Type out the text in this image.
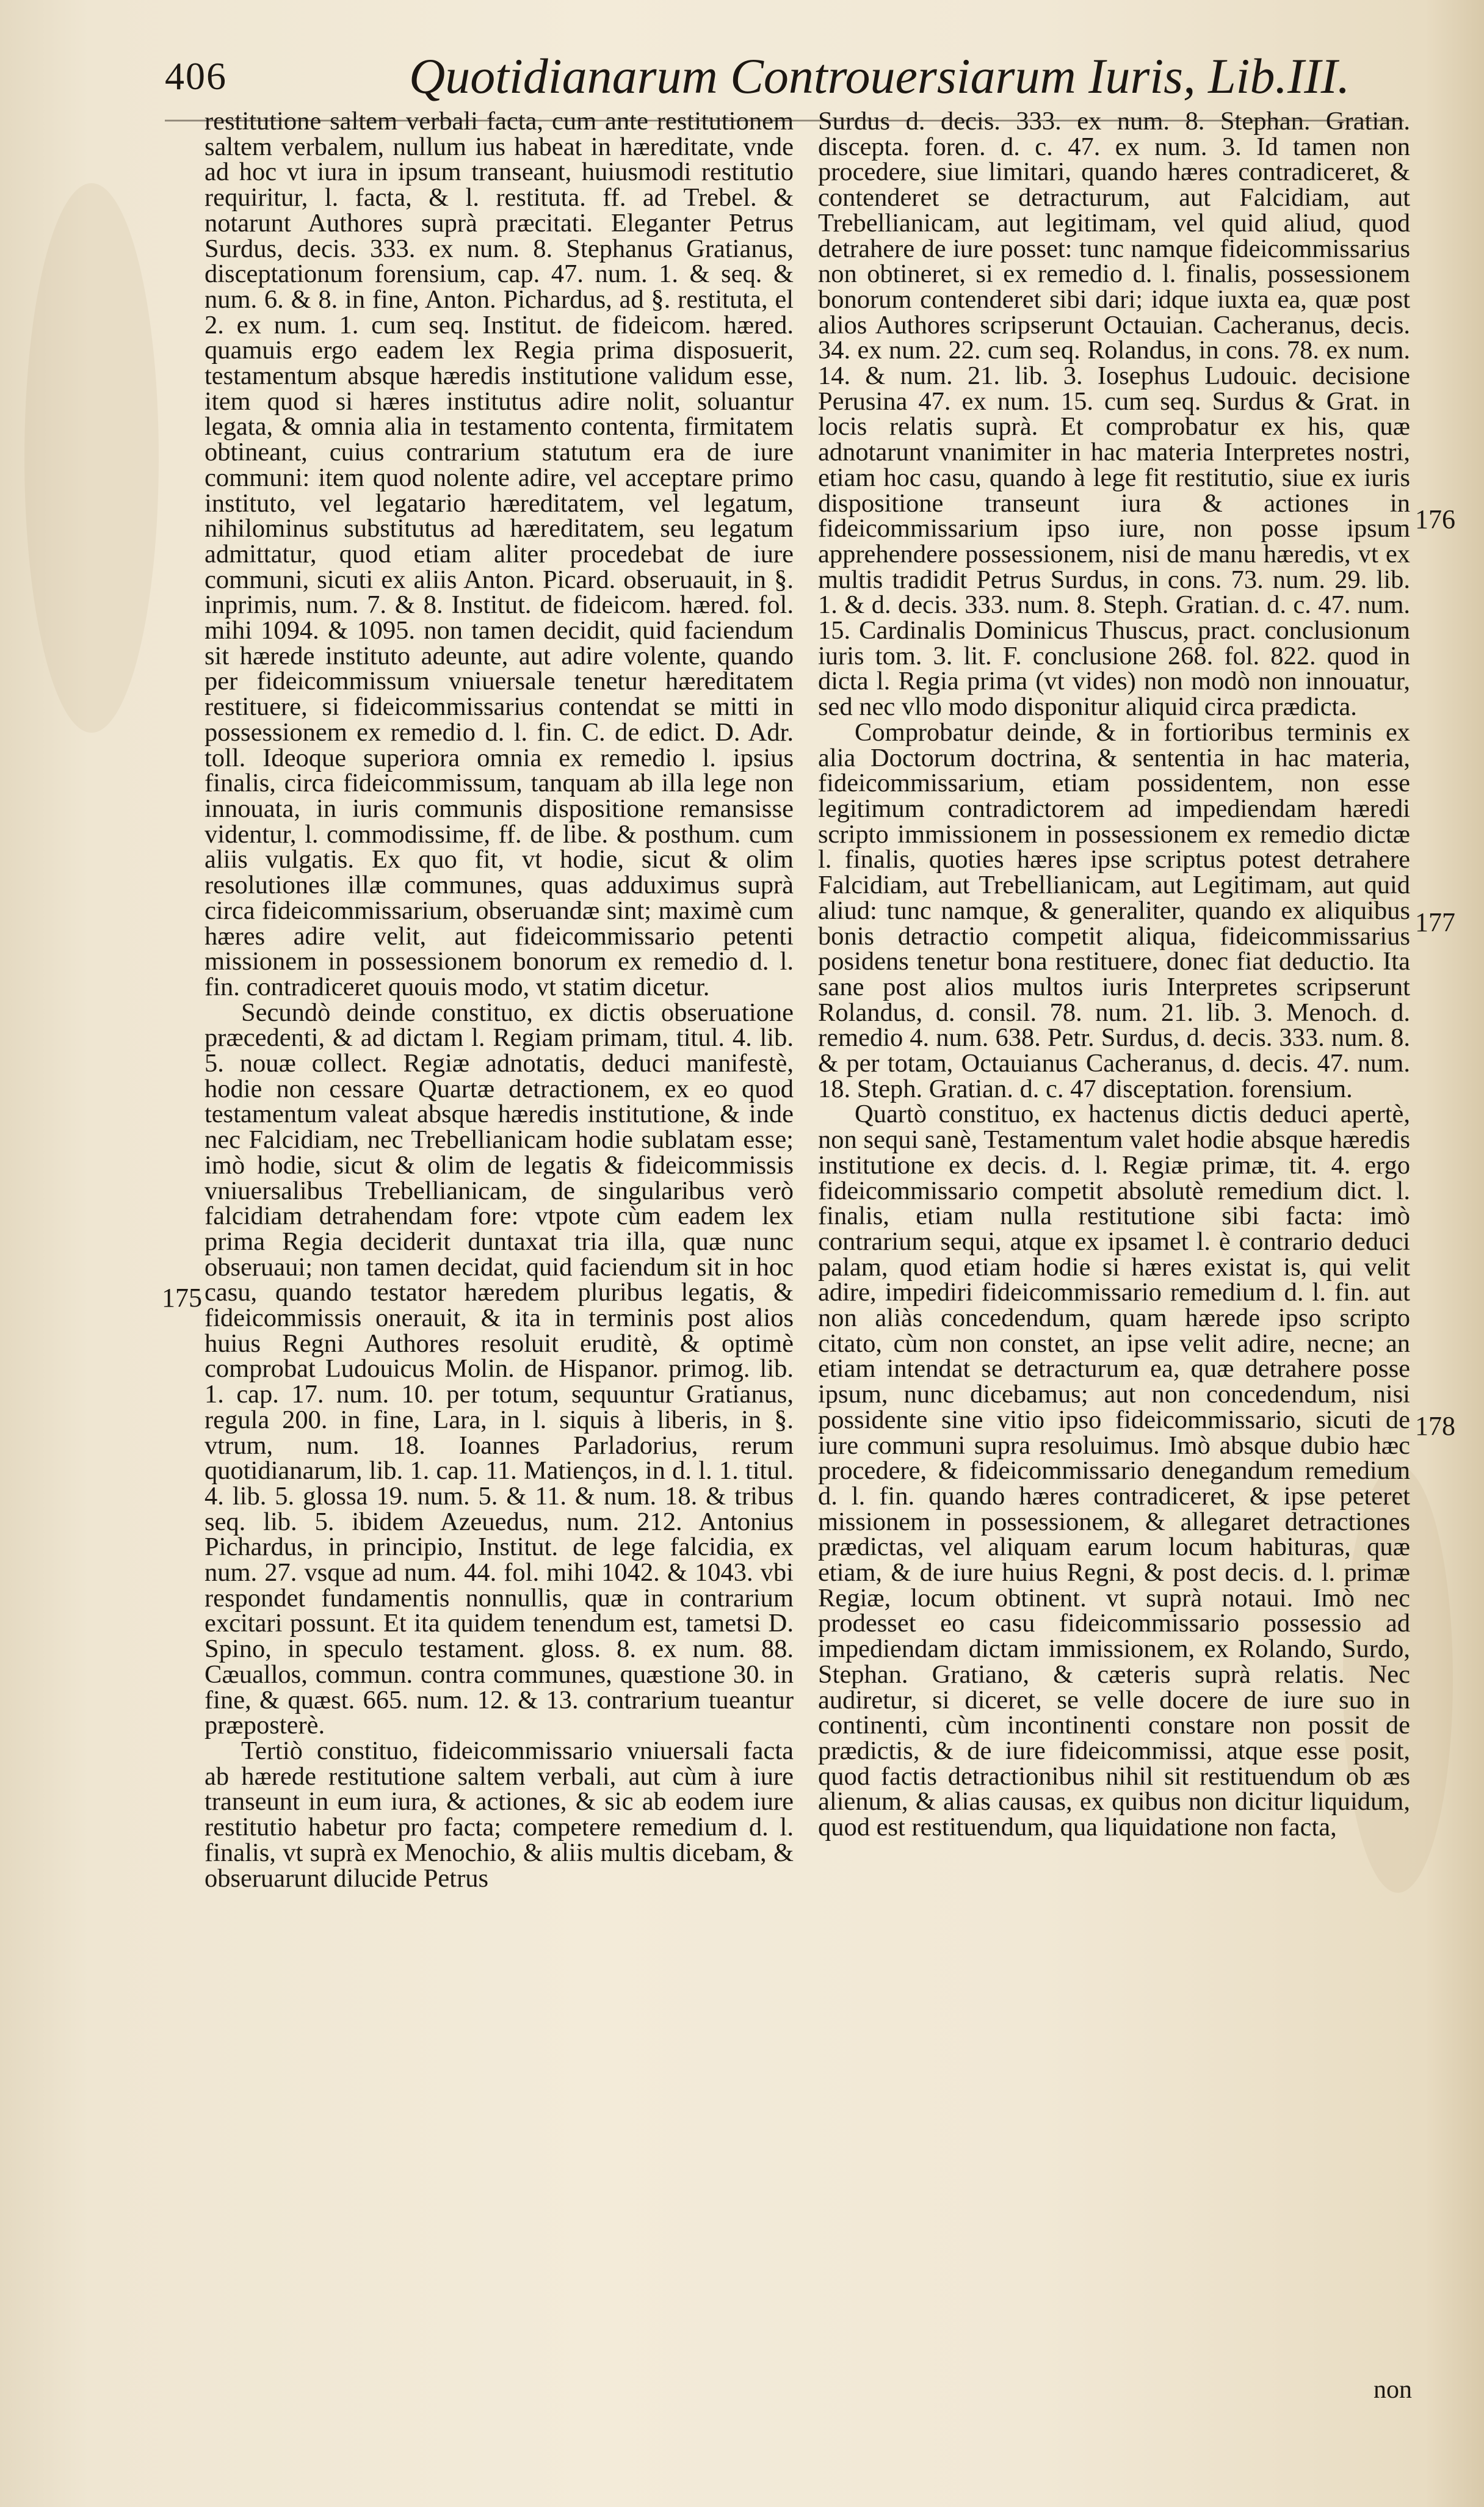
406	Quotidianarum Controuersiarum Iuris, Lib.III.

restitutione saltem verbali facta, cum ante restitutionem saltem verbalem, nullum ius habeat in hæreditate, vnde ad hoc vt iura in ipsum transeant, huiusmodi restitutio requiritur, l. facta, & l. restituta. ff. ad Trebel. & notarunt Authores suprà præcitati. Eleganter Petrus Surdus, decis. 333. ex num. 8. Stephanus Gratianus, disceptationum forensium, cap. 47. num. 1. & seq. & num. 6. & 8. in fine, Anton. Pichardus, ad §. restituta, el 2. ex num. 1. cum seq. Institut. de fideicom. hæred. quamuis ergo eadem lex Regia prima disposuerit, testamentum absque hæredis institutione validum esse, item quod si hæres institutus adire nolit, soluantur legata, & omnia alia in testamento contenta, firmitatem obtineant, cuius contrarium statutum era de iure communi: item quod nolente adire, vel acceptare primo instituto, vel legatario hæreditatem, vel legatum, nihilominus substitutus ad hæreditatem, seu legatum admittatur, quod etiam aliter procedebat de iure communi, sicuti ex aliis Anton. Picard. obseruauit, in §. inprimis, num. 7. & 8. Institut. de fideicom. hæred. fol. mihi 1094. & 1095. non tamen decidit, quid faciendum sit hærede instituto adeunte, aut adire volente, quando per fideicommissum vniuersale tenetur hæreditatem restituere, si fideicommissarius contendat se mitti in possessionem ex remedio d. l. fin. C. de edict. D. Adr. toll. Ideoque superiora omnia ex remedio l. ipsius finalis, circa fideicommissum, tanquam ab illa lege non innouata, in iuris communis dispositione remansisse videntur, l. commodissime, ff. de libe. & posthum. cum aliis vulgatis. Ex quo fit, vt hodie, sicut & olim resolutiones illæ communes, quas adduximus suprà circa fideicommissarium, obseruandæ sint; maximè cum hæres adire velit, aut fideicommissario petenti missionem in possessionem bonorum ex remedio d. l. fin. contradiceret quouis modo, vt statim dicetur.

Secundò deinde constituo, ex dictis obseruatione præcedenti, & ad dictam l. Regiam primam, titul. 4. lib. 5. nouæ collect. Regiæ adnotatis, deduci manifestè, hodie non cessare Quartæ detractionem, ex eo quod testamentum valeat absque hæredis institutione, & inde nec Falcidiam, nec Trebellianicam hodie sublatam esse; imò hodie, sicut & olim de legatis & fideicommissis vniuersalibus Trebellianicam, de singularibus verò falcidiam detrahendam fore: vtpote cùm eadem lex prima Regia deciderit duntaxat tria illa, quæ nunc obseruaui; non tamen decidat, quid faciendum sit in hoc casu, quando testator hæredem pluribus legatis, & fideicommissis onerauit, & ita in terminis post alios huius Regni Authores resoluit eruditè, & optimè comprobat Ludouicus Molin. de Hispanor. primog. lib. 1. cap. 17. num. 10. per totum, sequuntur Gratianus, regula 200. in fine, Lara, in l. siquis à liberis, in §. vtrum, num. 18. Ioannes Parladorius, rerum quotidianarum, lib. 1. cap. 11. Matienços, in d. l. 1. titul. 4. lib. 5. glossa 19. num. 5. & 11. & num. 18. & tribus seq. lib. 5. ibidem Azeuedus, num. 212. Antonius Pichardus, in principio, Institut. de lege falcidia, ex num. 27. vsque ad num. 44. fol. mihi 1042. & 1043. vbi respondet fundamentis nonnullis, quæ in contrarium excitari possunt. Et ita quidem tenendum est, tametsi D. Spino, in speculo testament. gloss. 8. ex num. 88. Cæuallos, commun. contra communes, quæstione 30. in fine, & quæst. 665. num. 12. & 13. contrarium tueantur præposterè.

Tertiò constituo, fideicommissario vniuersali facta ab hærede restitutione saltem verbali, aut cùm à iure transeunt in eum iura, & actiones, & sic ab eodem iure restitutio habetur pro facta; competere remedium d. l. finalis, vt suprà ex Menochio, & aliis multis dicebam, & obseruarunt dilucide Petrus

Surdus d. decis. 333. ex num. 8. Stephan. Gratian. discepta. foren. d. c. 47. ex num. 3. Id tamen non procedere, siue limitari, quando hæres contradiceret, & contenderet se detracturum, aut Falcidiam, aut Trebellianicam, aut legitimam, vel quid aliud, quod detrahere de iure posset: tunc namque fideicommissarius non obtineret, si ex remedio d. l. finalis, possessionem bonorum contenderet sibi dari; idque iuxta ea, quæ post alios Authores scripserunt Octauian. Cacheranus, decis. 34. ex num. 22. cum seq. Rolandus, in cons. 78. ex num. 14. & num. 21. lib. 3. Iosephus Ludouic. decisione Perusina 47. ex num. 15. cum seq. Surdus & Grat. in locis relatis suprà. Et comprobatur ex his, quæ adnotarunt vnanimiter in hac materia Interpretes nostri, etiam hoc casu, quando à lege fit restitutio, siue ex iuris dispositione transeunt iura & actiones in fideicommissarium ipso iure, non posse ipsum apprehendere possessionem, nisi de manu hæredis, vt ex multis tradidit Petrus Surdus, in cons. 73. num. 29. lib. 1. & d. decis. 333. num. 8. Steph. Gratian. d. c. 47. num. 15. Cardinalis Dominicus Thuscus, pract. conclusionum iuris tom. 3. lit. F. conclusione 268. fol. 822. quod in dicta l. Regia prima (vt vides) non modò non innouatur, sed nec vllo modo disponitur aliquid circa prædicta.

Comprobatur deinde, & in fortioribus terminis ex alia Doctorum doctrina, & sententia in hac materia, fideicommissarium, etiam possidentem, non esse legitimum contradictorem ad impediendam hæredi scripto immissionem in possessionem ex remedio dictæ l. finalis, quoties hæres ipse scriptus potest detrahere Falcidiam, aut Trebellianicam, aut Legitimam, aut quid aliud: tunc namque, & generaliter, quando ex aliquibus bonis detractio competit aliqua, fideicommissarius posidens tenetur bona restituere, donec fiat deductio. Ita sane post alios multos iuris Interpretes scripserunt Rolandus, d. consil. 78. num. 21. lib. 3. Menoch. d. remedio 4. num. 638. Petr. Surdus, d. decis. 333. num. 8. & per totam, Octauianus Cacheranus, d. decis. 47. num. 18. Steph. Gratian. d. c. 47 disceptation. forensium.

Quartò constituo, ex hactenus dictis deduci apertè, non sequi sanè, Testamentum valet hodie absque hæredis institutione ex decis. d. l. Regiæ primæ, tit. 4. ergo fideicommissario competit absolutè remedium dict. l. finalis, etiam nulla restitutione sibi facta: imò contrarium sequi, atque ex ipsamet l. è contrario deduci palam, quod etiam hodie si hæres existat is, qui velit adire, impediri fideicommissario remedium d. l. fin. aut non aliàs concedendum, quam hærede ipso scripto citato, cùm non constet, an ipse velit adire, necne; an etiam intendat se detracturum ea, quæ detrahere posse ipsum, nunc dicebamus; aut non concedendum, nisi possidente sine vitio ipso fideicommissario, sicuti de iure communi supra resoluimus. Imò absque dubio hæc procedere, & fideicommissario denegandum remedium d. l. fin. quando hæres contradiceret, & ipse peteret missionem in possessionem, & allegaret detractiones prædictas, vel aliquam earum locum habituras, quæ etiam, & de iure huius Regni, & post decis. d. l. primæ Regiæ, locum obtinent. vt suprà notaui. Imò nec prodesset eo casu fideicommissario possessio ad impediendam dictam immissionem, ex Rolando, Surdo, Stephan. Gratiano, & cæteris suprà relatis. Nec audiretur, si diceret, se velle docere de iure suo in continenti, cùm incontinenti constare non possit de prædictis, & de iure fideicommissi, atque esse posit, quod factis detractionibus nihil sit restituendum ob æs alienum, & alias causas, ex quibus non dicitur liquidum, quod est restituendum, qua liquidatione non facta,

175
176
177
178
non
